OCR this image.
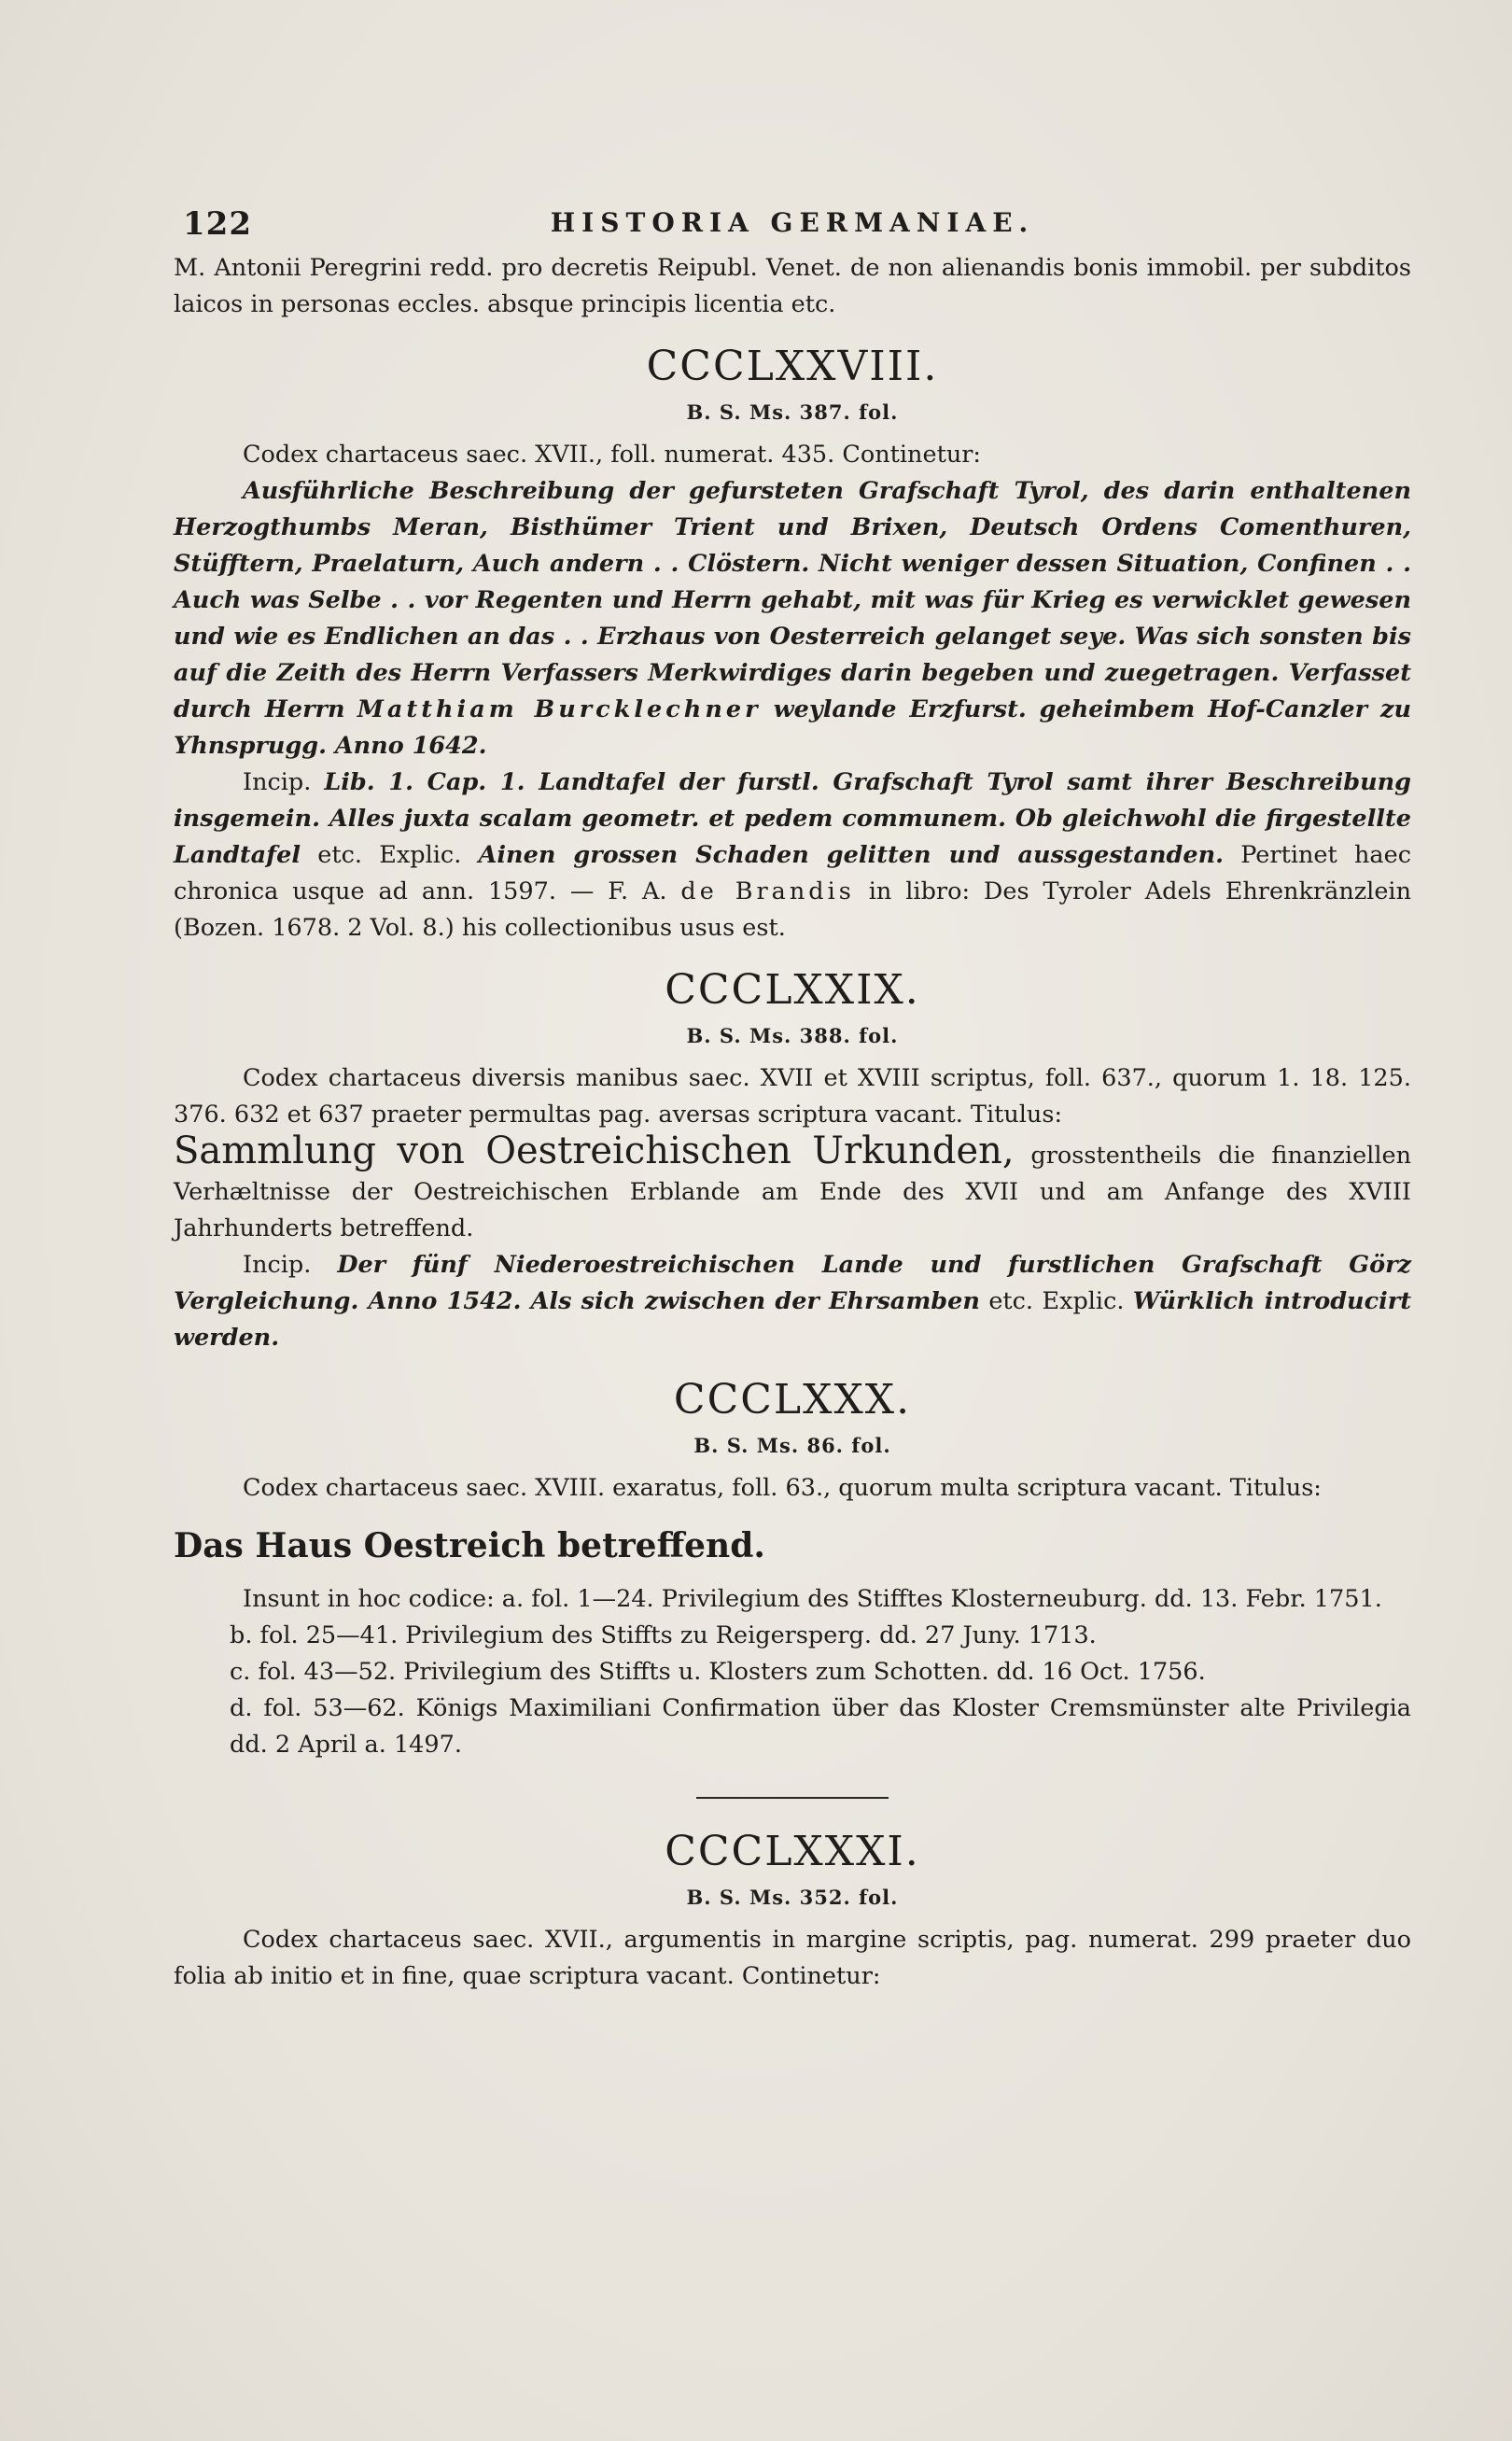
122	HISTORIA GERMANIAE.

M. Antonii Peregrini redd. pro decretis Reipubl. Venet. de non alienandis bonis immobil. per subditos laicos in personas eccles. absque principis licentia etc.

CCCLXXVIII.
B. S. Ms. 387. fol.

Codex chartaceus saec. XVII., foll. numerat. 435. Continetur:

Ausführliche Beschreibung der gefursteten Grafschaft Tyrol, des darin enthaltenen Herzogthumbs Meran, Bisthümer Trient und Brixen, Deutsch Ordens Comenthuren, Stüfftern, Praelaturn, Auch andern . . Clöstern. Nicht weniger dessen Situation, Confinen . . Auch was Selbe . . vor Regenten und Herrn gehabt, mit was für Krieg es verwicklet gewesen und wie es Endlichen an das . . Erzhaus von Oesterreich gelanget seye. Was sich sonsten bis auf die Zeith des Herrn Verfassers Merkwirdiges darin begeben und zuegetragen. Verfasset durch Herrn Matthiam Burcklechner weylande Erzfurst. geheimbem Hof-Canzler zu Yhnsprugg. Anno 1642.

Incip. Lib. 1. Cap. 1. Landtafel der furstl. Grafschaft Tyrol samt ihrer Beschreibung insgemein. Alles juxta scalam geometr. et pedem communem. Ob gleichwohl die firgestellte Landtafel etc. Explic. Ainen grossen Schaden gelitten und aussgestanden. Pertinet haec chronica usque ad ann. 1597. — F. A. de Brandis in libro: Des Tyroler Adels Ehrenkränzlein (Bozen. 1678. 2 Vol. 8.) his collectionibus usus est.

CCCLXXIX.
B. S. Ms. 388. fol.

Codex chartaceus diversis manibus saec. XVII et XVIII scriptus, foll. 637., quorum 1. 18. 125. 376. 632 et 637 praeter permultas pag. aversas scriptura vacant. Titulus:

Sammlung von Oestreichischen Urkunden, grosstentheils die finanziellen Verhæltnisse der Oestreichischen Erblande am Ende des XVII und am Anfange des XVIII Jahrhunderts betreffend.

Incip. Der fünf Niederoestreichischen Lande und furstlichen Grafschaft Görz Vergleichung. Anno 1542. Als sich zwischen der Ehrsamben etc. Explic. Würklich introducirt werden.

CCCLXXX.
B. S. Ms. 86. fol.

Codex chartaceus saec. XVIII. exaratus, foll. 63., quorum multa scriptura vacant. Titulus:

Das Haus Oestreich betreffend.

Insunt in hoc codice: a. fol. 1—24. Privilegium des Stifftes Klosterneuburg. dd. 13. Febr. 1751.

b. fol. 25—41. Privilegium des Stiffts zu Reigersperg. dd. 27 Juny. 1713.

c. fol. 43—52. Privilegium des Stiffts u. Klosters zum Schotten. dd. 16 Oct. 1756.

d. fol. 53—62. Königs Maximiliani Confirmation über das Kloster Cremsmünster alte Privilegia dd. 2 April a. 1497.

CCCLXXXI.
B. S. Ms. 352. fol.

Codex chartaceus saec. XVII., argumentis in margine scriptis, pag. numerat. 299 praeter duo folia ab initio et in fine, quae scriptura vacant. Continetur:
